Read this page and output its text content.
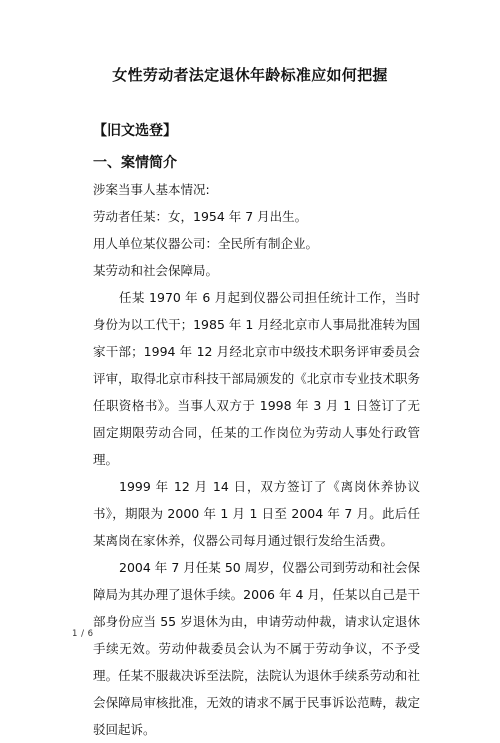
女性劳动者法定退休年龄标准应如何把握
【旧文选登】
一、案情简介
涉案当事人基本情况:
劳动者任某：女，1954 年 7 月出生。
用人单位某仪器公司：全民所有制企业。
某劳动和社会保障局。
任某 1970 年 6 月起到仪器公司担任统计工作，当时身份为以工代干；1985 年 1 月经北京市人事局批准转为国家干部；1994 年 12 月经北京市中级技术职务评审委员会评审，取得北京市科技干部局颁发的《北京市专业技术职务任职资格书》。当事人双方于 1998 年 3 月 1 日签订了无固定期限劳动合同，任某的工作岗位为劳动人事处行政管理。
1999 年 12 月 14 日，双方签订了《离岗休养协议书》，期限为 2000 年 1 月 1 日至 2004 年 7 月。此后任某离岗在家休养，仪器公司每月通过银行发给生活费。
2004 年 7 月任某 50 周岁，仪器公司到劳动和社会保障局为其办理了退休手续。2006 年 4 月，任某以自己是干部身份应当 55 岁退休为由，申请劳动仲裁，请求认定退休手续无效。劳动仲裁委员会认为不属于劳动争议，不予受理。任某不服裁决诉至法院，法院认为退休手续系劳动和社会保障局审核批准，无效的请求不属于民事诉讼范畴，裁定驳回起诉。
1 / 6
